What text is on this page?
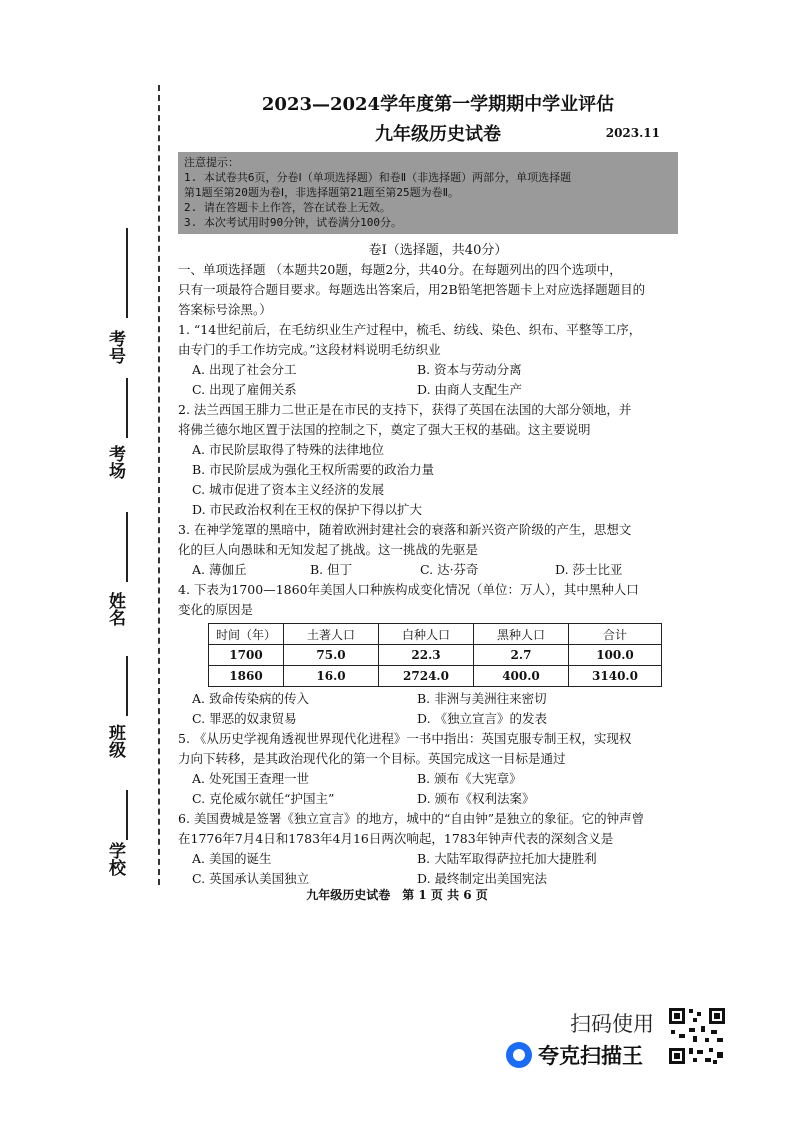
考号
考场
姓名
班级
学校
2023—2024学年度第一学期期中学业评估
九年级历史试卷	2023.11
注意提示：
1. 本试卷共6页，分卷Ⅰ（单项选择题）和卷Ⅱ（非选择题）两部分，单项选择题
第1题至第20题为卷Ⅰ，非选择题第21题至第25题为卷Ⅱ。
2. 请在答题卡上作答，答在试卷上无效。
3. 本次考试用时90分钟，试卷满分100分。
卷Ⅰ（选择题，共40分）

一、单项选择题 （本题共20题，每题2分，共40分。在每题列出的四个选项中，

只有一项最符合题目要求。每题选出答案后，用2B铅笔把答题卡上对应选择题题目的

答案标号涂黑。）

1. “14世纪前后，在毛纺织业生产过程中，梳毛、纺线、染色、织布、平整等工序，

由专门的手工作坊完成。”这段材料说明毛纺织业

A. 出现了社会分工	B. 资本与劳动分离
C. 出现了雇佣关系	D. 由商人支配生产

2. 法兰西国王腓力二世正是在市民的支持下，获得了英国在法国的大部分领地，并

将佛兰德尔地区置于法国的控制之下，奠定了强大王权的基础。这主要说明

A. 市民阶层取得了特殊的法律地位
B. 市民阶层成为强化王权所需要的政治力量
C. 城市促进了资本主义经济的发展
D. 市民政治权利在王权的保护下得以扩大

3. 在神学笼罩的黑暗中，随着欧洲封建社会的衰落和新兴资产阶级的产生，思想文

化的巨人向愚昧和无知发起了挑战。这一挑战的先驱是

A. 薄伽丘	B. 但丁	C. 达·芬奇	D. 莎士比亚

4. 下表为1700—1860年美国人口种族构成变化情况（单位：万人），其中黑种人口

变化的原因是

时间（年）	土著人口	白种人口	黑种人口	合计
1700	75.0	22.3	2.7	100.0
1860	16.0	2724.0	400.0	3140.0
A. 致命传染病的传入	B. 非洲与美洲往来密切
C. 罪恶的奴隶贸易	D. 《独立宣言》的发表

5. 《从历史学视角透视世界现代化进程》一书中指出：英国克服专制王权，实现权

力向下转移，是其政治现代化的第一个目标。英国完成这一目标是通过

A. 处死国王查理一世	B. 颁布《大宪章》
C. 克伦威尔就任“护国主”	D. 颁布《权利法案》

6. 美国费城是签署《独立宣言》的地方，城中的“自由钟”是独立的象征。它的钟声曾

在1776年7月4日和1783年4月16日两次响起，1783年钟声代表的深刻含义是

A. 美国的诞生	B. 大陆军取得萨拉托加大捷胜利
C. 英国承认美国独立	D. 最终制定出美国宪法
九年级历史试卷　第 1 页 共 6 页
扫码使用
夸克扫描王
